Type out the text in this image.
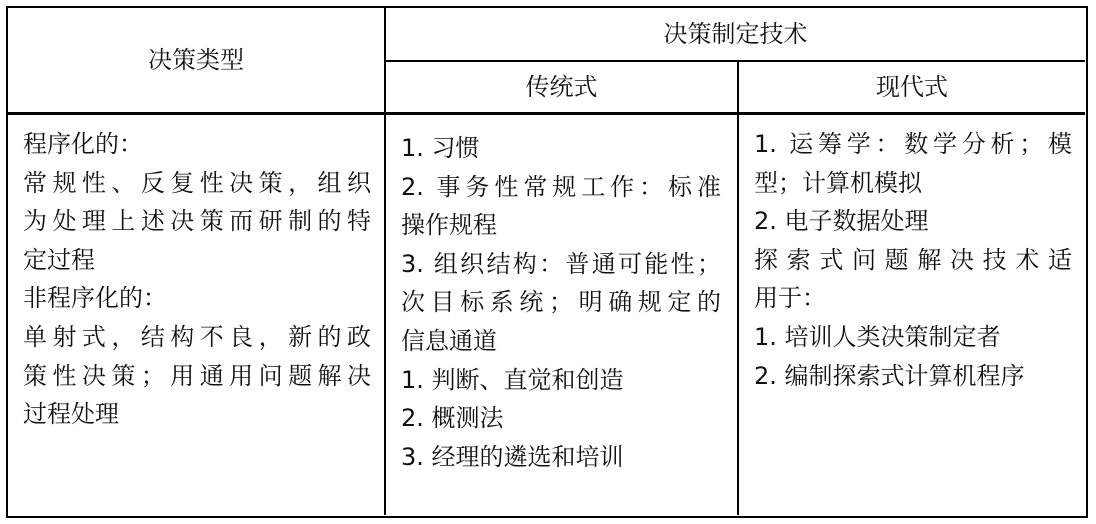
决策类型
决策制定技术
传统式	现代式
程序化的：
常规性、反复性决策，组织
为处理上述决策而研制的特
定过程
非程序化的：
单射式，结构不良，新的政
策性决策；用通用问题解决
过程处理
1. 习惯
2. 事务性常规工作：标准
操作规程
3. 组织结构：普通可能性；
次目标系统；明确规定的
信息通道
1. 判断、直觉和创造
2. 概测法
3. 经理的遴选和培训
1. 运筹学：数学分析；模
型；计算机模拟
2. 电子数据处理
探索式问题解决技术适
用于：
1. 培训人类决策制定者
2. 编制探索式计算机程序
